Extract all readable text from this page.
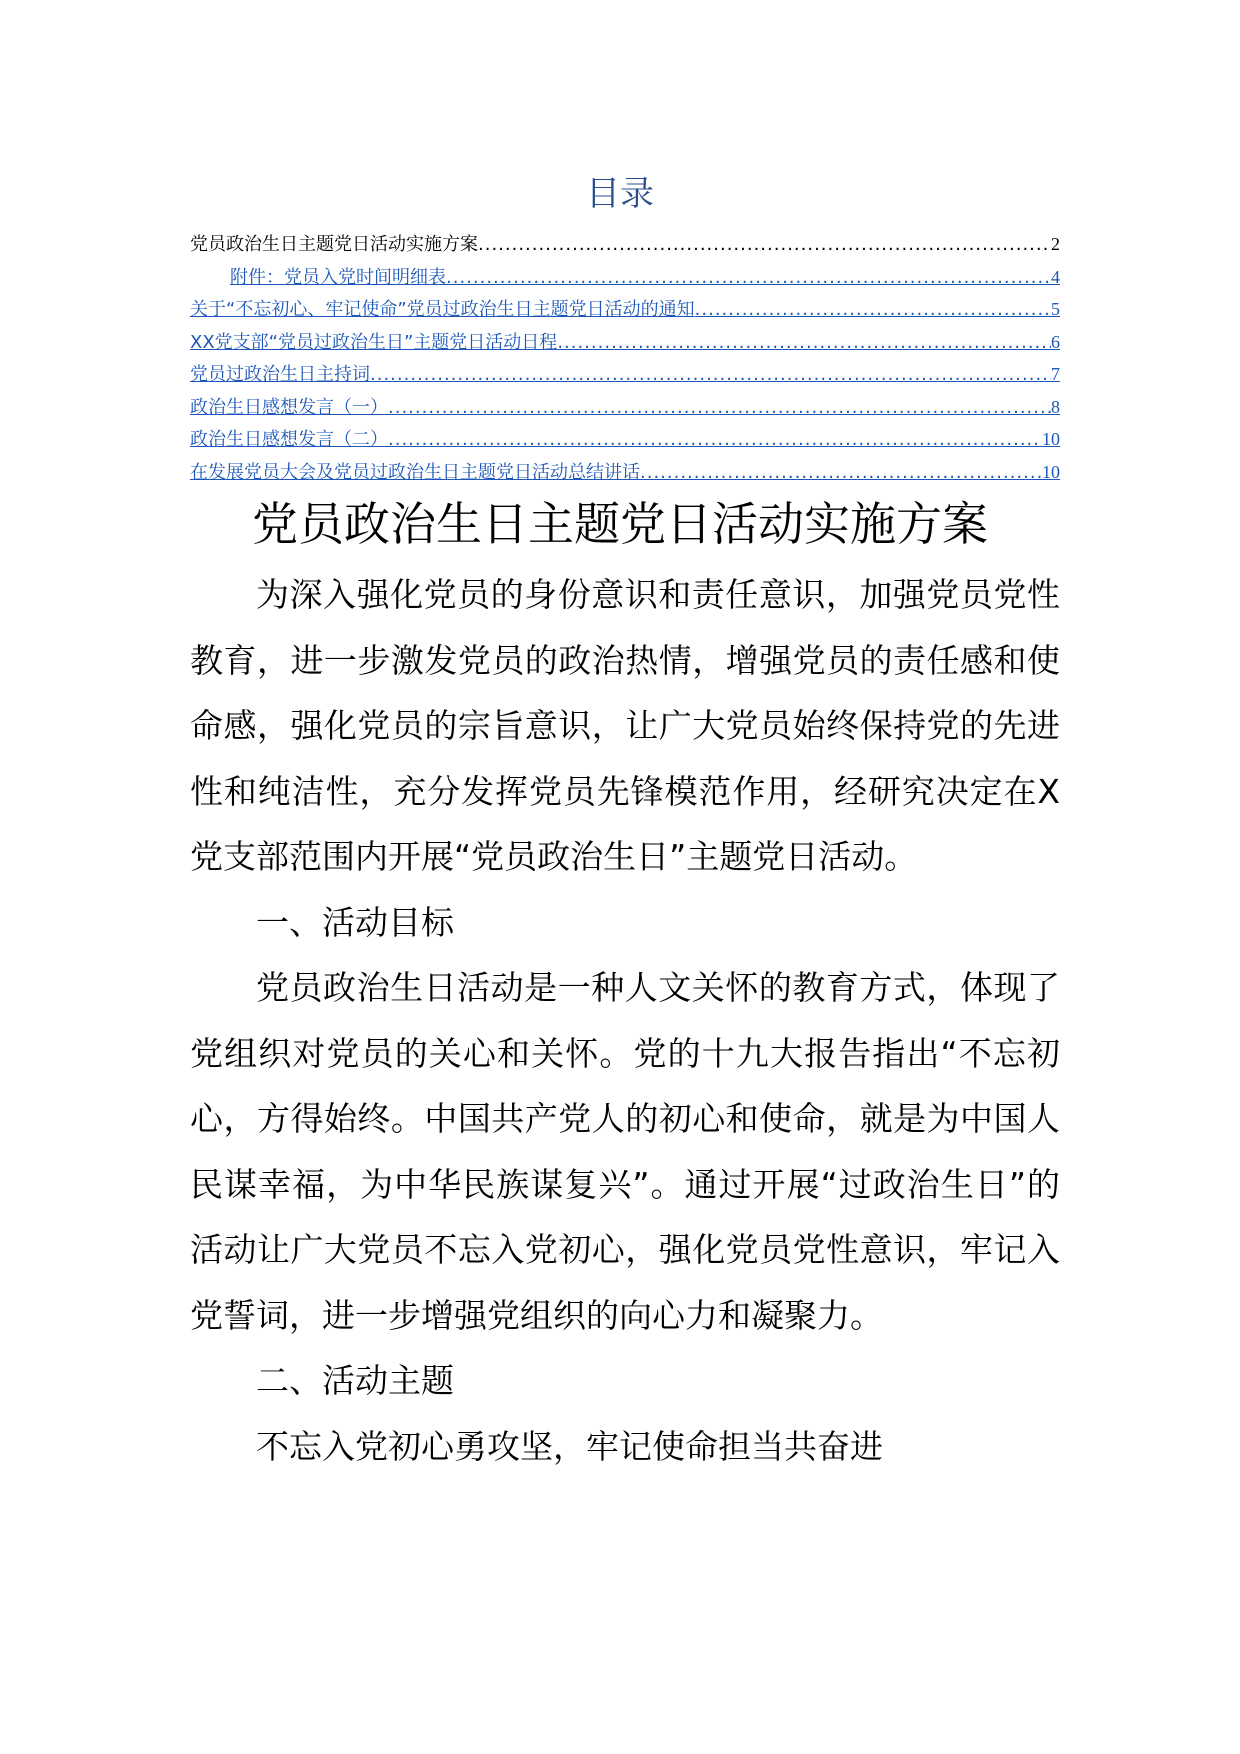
目录
党员政治生日主题党日活动实施方案 .....	2
附件：党员入党时间明细表 .....	4
关于“不忘初心、牢记使命”党员过政治生日主题党日活动的通知 .....	5
XX党支部“党员过政治生日”主题党日活动日程 .....	6
党员过政治生日主持词 .....	7
政治生日感想发言（一） .....	8
政治生日感想发言（二） .....	10
在发展党员大会及党员过政治生日主题党日活动总结讲话 .....	10
党员政治生日主题党日活动实施方案

为深入强化党员的身份意识和责任意识，加强党员党性教育，进一步激发党员的政治热情，增强党员的责任感和使命感，强化党员的宗旨意识，让广大党员始终保持党的先进性和纯洁性，充分发挥党员先锋模范作用，经研究决定在X党支部范围内开展“党员政治生日”主题党日活动。

一、活动目标

党员政治生日活动是一种人文关怀的教育方式，体现了党组织对党员的关心和关怀。党的十九大报告指出“不忘初心，方得始终。中国共产党人的初心和使命，就是为中国人民谋幸福，为中华民族谋复兴”。通过开展“过政治生日”的活动让广大党员不忘入党初心，强化党员党性意识，牢记入党誓词，进一步增强党组织的向心力和凝聚力。

二、活动主题

不忘入党初心勇攻坚，牢记使命担当共奋进
